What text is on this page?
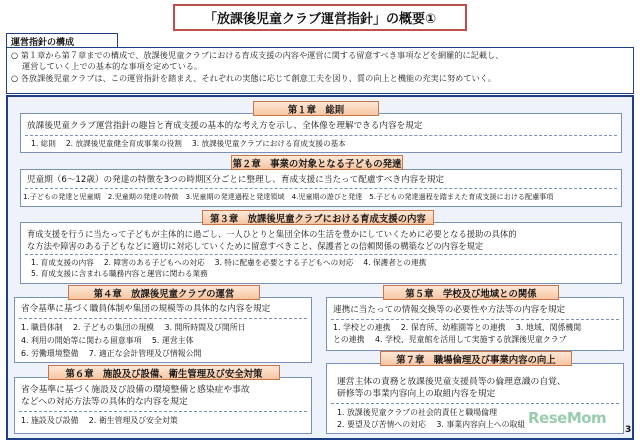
「放課後児童クラブ運営指針」の概要①
運営指針の構成
○ 第１章から第７章までの構成で、放課後児童クラブにおける育成支援の内容や運営に関する留意すべき事項などを網羅的に記載し、
運営していく上での基本的な事項を定めている。
○ 各放課後児童クラブは、この運営指針を踏まえ、それぞれの実態に応じて創意工夫を図り、質の向上と機能の充実に努めていく。
放課後児童クラブ運営指針の趣旨と育成支援の基本的な考え方を示し、全体像を理解できる内容を規定
1. 総則　 2. 放課後児童健全育成事業の役割　 3. 放課後児童クラブにおける育成支援の基本
第１章　総則
児童期（6～12歳）の発達の特徴を3つの時期区分ごとに整理し、育成支援に当たって配慮すべき内容を規定
1.子どもの発達と児童期　2.児童期の発達の特徴　3.児童期の発達過程と発達領域　4.児童期の遊びと発達　5.子どもの発達過程を踏まえた育成支援における配慮事項
第２章　事業の対象となる子どもの発達
育成支援を行うに当たって子どもが主体的に過ごし、一人ひとりと集団全体の生活を豊かにしていくために必要となる援助の具体的
な方法や障害のある子どもなどに適切に対応していくために留意すべきこと、保護者との信頼関係の構築などの内容を規定
1. 育成支援の内容　 2. 障害のある子どもへの対応　 3. 特に配慮を必要とする子どもへの対応　 4. 保護者との連携
5. 育成支援に含まれる職務内容と運営に関わる業務
第３章　放課後児童クラブにおける育成支援の内容
省令基準に基づく職員体制や集団の規模等の具体的な内容を規定
1. 職員体制　 2. 子どもの集団の規模　 3. 開所時間及び開所日
4. 利用の開始等に関わる留意事項　 5. 運営主体
6. 労働環境整備　 7. 適正な会計管理及び情報公開
第４章　放課後児童クラブの運営
連携に当たっての情報交換等の必要性や方法等の内容を規定
1. 学校との連携　 2. 保育所、幼稚園等との連携　 3. 地域、関係機関
との連携　 4. 学校、児童館を活用して実施する放課後児童クラブ
第５章　学校及び地域との関係
省令基準に基づく施設及び設備の環境整備と感染症や事故
などへの対応方法等の具体的な内容を規定
1. 施設及び設備　 2. 衛生管理及び安全対策
第６章　施設及び設備、衛生管理及び安全対策
運営主体の責務と放課後児童支援員等の倫理意識の自覚、
研修等の事業内容向上の取組内容を規定
1. 放課後児童クラブの社会的責任と職場倫理
2. 要望及び苦情への対応　 3. 事業内容向上への取組
第７章　職場倫理及び事業内容の向上
ReseMom
3
